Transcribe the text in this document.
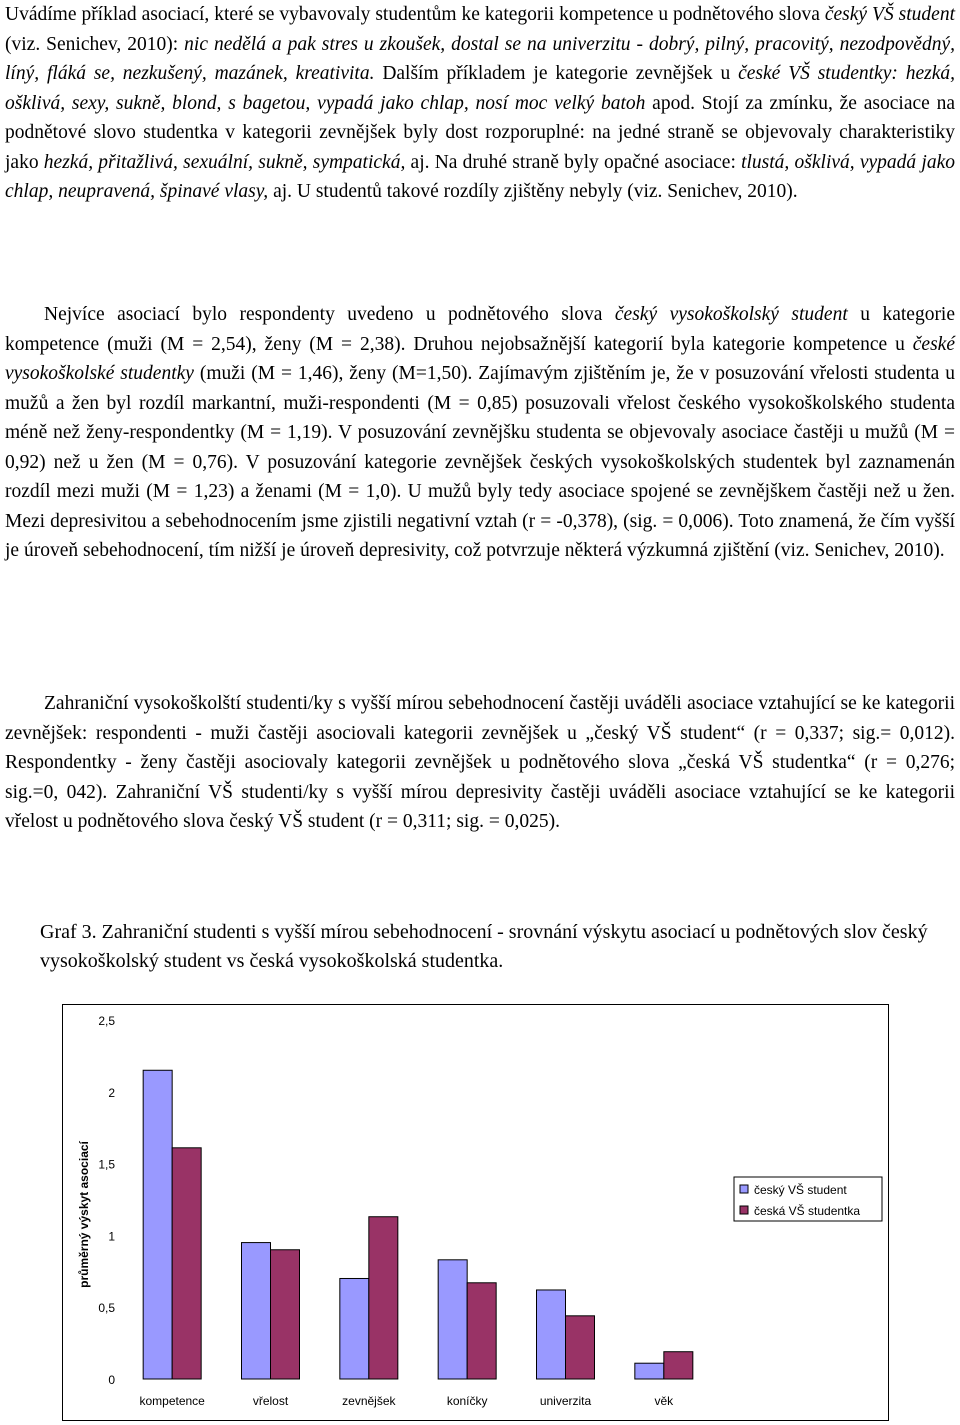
Uvádíme příklad asociací, které se vybavovaly studentům ke kategorii kompetence u podnětového slova český VŠ student (viz. Senichev, 2010): nic nedělá a pak stres u zkoušek, dostal se na univerzitu - dobrý, pilný, pracovitý, nezodpovědný, líný, fláká se, nezkušený, mazánek, kreativita. Dalším příkladem je kategorie zevnějšek u české VŠ studentky: hezká, ošklivá, sexy, sukně, blond, s bagetou, vypadá jako chlap, nosí moc velký batoh apod. Stojí za zmínku, že asociace na podnětové slovo studentka v kategorii zevnějšek byly dost rozporuplné: na jedné straně se objevovaly charakteristiky jako hezká, přitažlivá, sexuální, sukně, sympatická, aj. Na druhé straně byly opačné asociace: tlustá, ošklivá, vypadá jako chlap, neupravená, špinavé vlasy, aj. U studentů takové rozdíly zjištěny nebyly (viz. Senichev, 2010).
  Nejvíce asociací bylo respondenty uvedeno u podnětového slova český vysokoškolský student u kategorie kompetence (muži (M = 2,54), ženy (M = 2,38). Druhou nejobsažnější kategorií byla kategorie kompetence u české vysokoškolské studentky (muži (M = 1,46), ženy (M=1,50). Zajímavým zjištěním je, že v posuzování vřelosti studenta u mužů a žen byl rozdíl markantní, muži-respondenti (M = 0,85) posuzovali vřelost českého vysokoškolského studenta méně než ženy-respondentky (M = 1,19). V posuzování zevnějšku studenta se objevovaly asociace častěji u mužů (M = 0,92) než u žen (M = 0,76). V posuzování kategorie zevnějšek českých vysokoškolských studentek byl zaznamenán rozdíl mezi muži (M = 1,23) a ženami (M = 1,0). U mužů byly tedy asociace spojené se zevnějškem častěji než u žen. Mezi depresivitou a sebehodnocením jsme zjistili negativní vztah (r = -0,378), (sig. = 0,006). Toto znamená, že čím vyšší je úroveň sebehodnocení, tím nižší je úroveň depresivity, což potvrzuje některá výzkumná zjištění (viz. Senichev, 2010).
  Zahraniční vysokoškolští studenti/ky s vyšší mírou sebehodnocení častěji uváděli asociace vztahující se ke kategorii zevnějšek: respondenti - muži častěji asociovali kategorii zevnějšek u „český VŠ student“ (r = 0,337; sig.= 0,012). Respondentky - ženy častěji asociovaly kategorii zevnějšek u podnětového slova „česká VŠ studentka“ (r = 0,276; sig.=0, 042). Zahraniční VŠ studenti/ky s vyšší mírou depresivity častěji uváděli asociace vztahující se ke kategorii vřelost u podnětového slova český VŠ student (r = 0,311; sig. = 0,025).
Graf 3. Zahraniční studenti s vyšší mírou sebehodnocení - srovnání výskytu asociací u podnětových slov český vysokoškolský student vs česká vysokoškolská studentka.
0
0,5
1
1,5
2
2,5
průměrný výskyt asociací
kompetence	vřelost	zevnějšek	koníčky	univerzita	věk
český VŠ student
česká VŠ studentka
